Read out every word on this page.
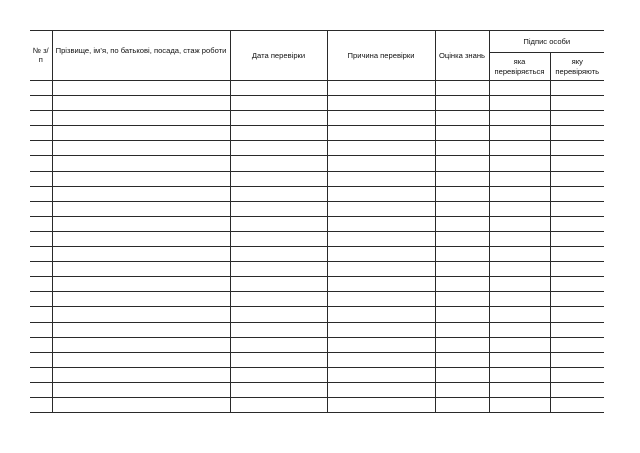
№ з/п	Прізвище, ім’я, по батькові, посада, стаж роботи	Дата перевірки	Причина перевірки	Оцінка знань	Підпис особи	
					яка перевіряється	яку перевіряють
